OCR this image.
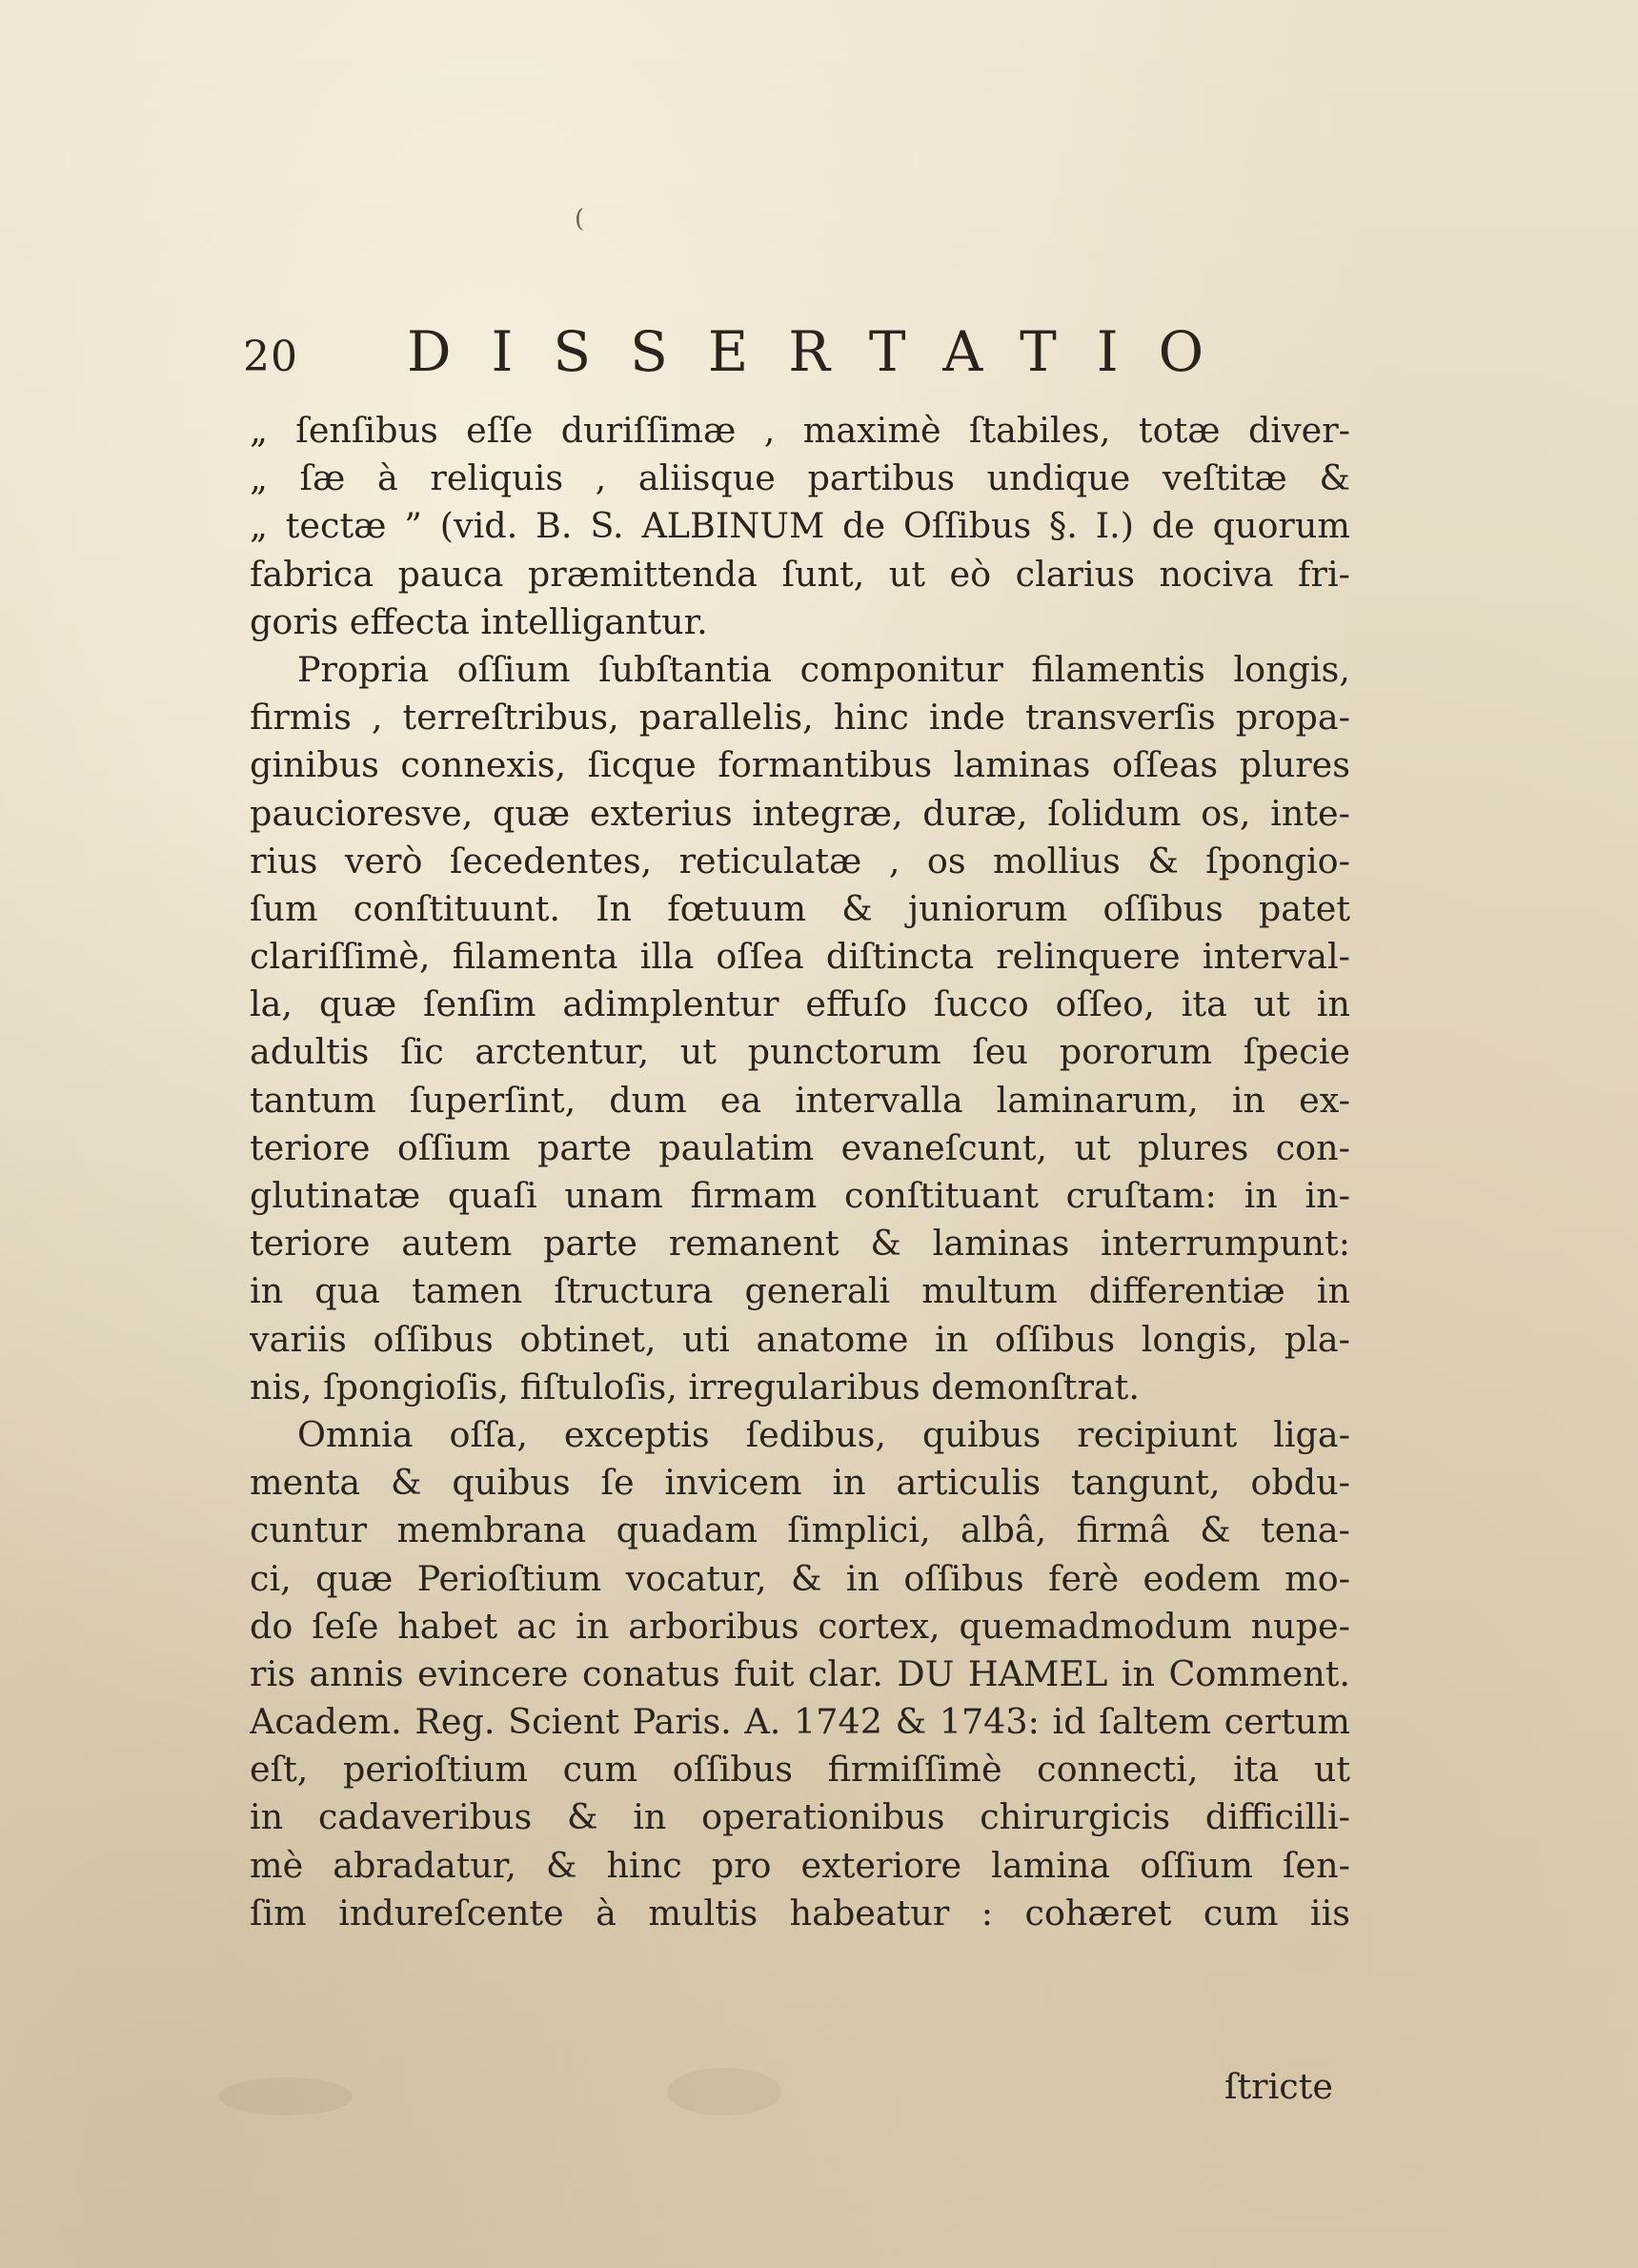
(
20 DISSERTATIO
„ ſenſibus eſſe duriſſimæ , maximè ſtabiles, totæ diver-
„ ſæ à reliquis , aliisque partibus undique veſtitæ &
„ tectæ ” (vid. B. S. ALBINUM de Oſſibus §. I.) de quorum
fabrica pauca præmittenda ſunt, ut eò clarius nociva fri-
goris effecta intelligantur.
Propria oſſium ſubſtantia componitur filamentis longis,
firmis , terreſtribus, parallelis, hinc inde transverſis propa-
ginibus connexis, ſicque formantibus laminas oſſeas plures
paucioresve, quæ exterius integræ, duræ, ſolidum os, inte-
rius verò ſecedentes, reticulatæ , os mollius & ſpongio-
ſum conſtituunt. In fœtuum & juniorum oſſibus patet
clariſſimè, filamenta illa oſſea diſtincta relinquere interval-
la, quæ ſenſim adimplentur effuſo ſucco oſſeo, ita ut in
adultis ſic arctentur, ut punctorum ſeu pororum ſpecie
tantum ſuperſint, dum ea intervalla laminarum, in ex-
teriore oſſium parte paulatim evaneſcunt, ut plures con-
glutinatæ quaſi unam firmam conſtituant cruſtam: in in-
teriore autem parte remanent & laminas interrumpunt:
in qua tamen ſtructura generali multum differentiæ in
variis oſſibus obtinet, uti anatome in oſſibus longis, pla-
nis, ſpongioſis, fiſtuloſis, irregularibus demonſtrat.
Omnia oſſa, exceptis ſedibus, quibus recipiunt liga-
menta & quibus ſe invicem in articulis tangunt, obdu-
cuntur membrana quadam ſimplici, albâ, firmâ & tena-
ci, quæ Perioſtium vocatur, & in oſſibus ferè eodem mo-
do ſeſe habet ac in arboribus cortex, quemadmodum nupe-
ris annis evincere conatus fuit clar. DU HAMEL in Comment.
Academ. Reg. Scient Paris. A. 1742 & 1743: id ſaltem certum
eſt, perioſtium cum oſſibus firmiſſimè connecti, ita ut
in cadaveribus & in operationibus chirurgicis difficilli-
mè abradatur, & hinc pro exteriore lamina oſſium ſen-
ſim indureſcente à multis habeatur : cohæret cum iis
ſtricte
